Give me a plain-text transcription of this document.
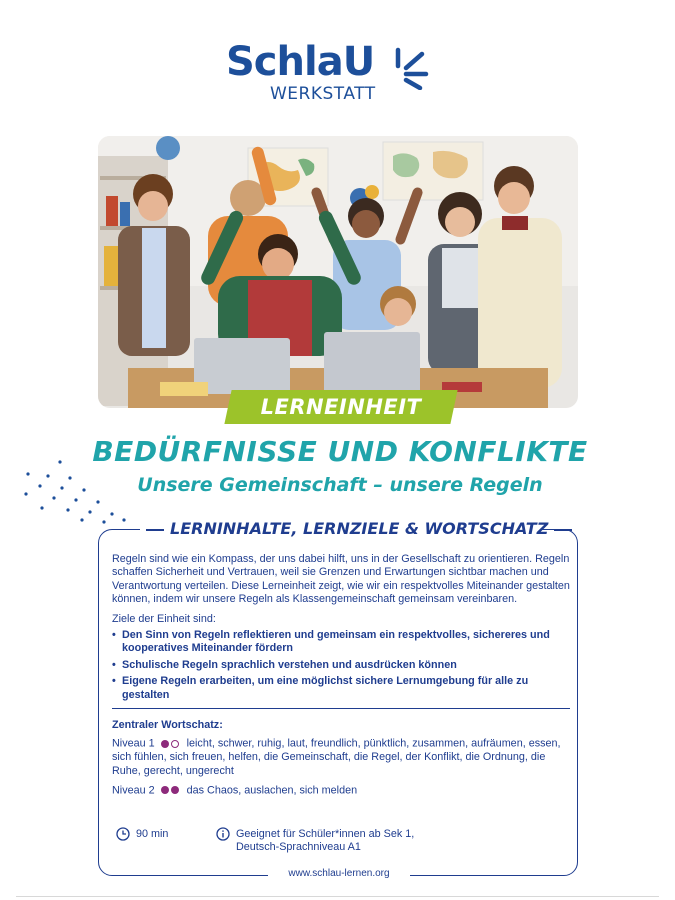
SchlaU
WERKSTATT
LERNEINHEIT
BEDÜRFNISSE UND KONFLIKTE
Unsere Gemeinschaft – unsere Regeln
LERNINHALTE, LERNZIELE & WORTSCHATZ

Regeln sind wie ein Kompass, der uns dabei hilft, uns in der Gesellschaft zu orientieren. Regeln schaffen Sicherheit und Vertrauen, weil sie Grenzen und Erwartungen sichtbar machen und Verantwortung verteilen. Diese Lerneinheit zeigt, wie wir ein respektvolles Miteinander gestalten können, indem wir unsere Regeln als Klassengemeinschaft gemeinsam vereinbaren.

Ziele der Einheit sind:

• Den Sinn von Regeln reflektieren und gemeinsam ein respektvolles, sichereres und kooperatives Miteinander fördern
• Schulische Regeln sprachlich verstehen und ausdrücken können
• Eigene Regeln erarbeiten, um eine möglichst sichere Lernumgebung für alle zu gestalten
Zentraler Wortschatz:

Niveau 1	leicht, schwer, ruhig, laut, freundlich, pünktlich, zusammen, aufräumen, essen, sich fühlen, sich freuen, helfen, die Gemeinschaft, die Regel, der Konflikt, die Ordnung, die Ruhe, gerecht, ungerecht

Niveau 2	das Chaos, auslachen, sich melden

90 min	Geeignet für Schüler*innen ab Sek 1, Deutsch-Sprachniveau A1
www.schlau-lernen.org
